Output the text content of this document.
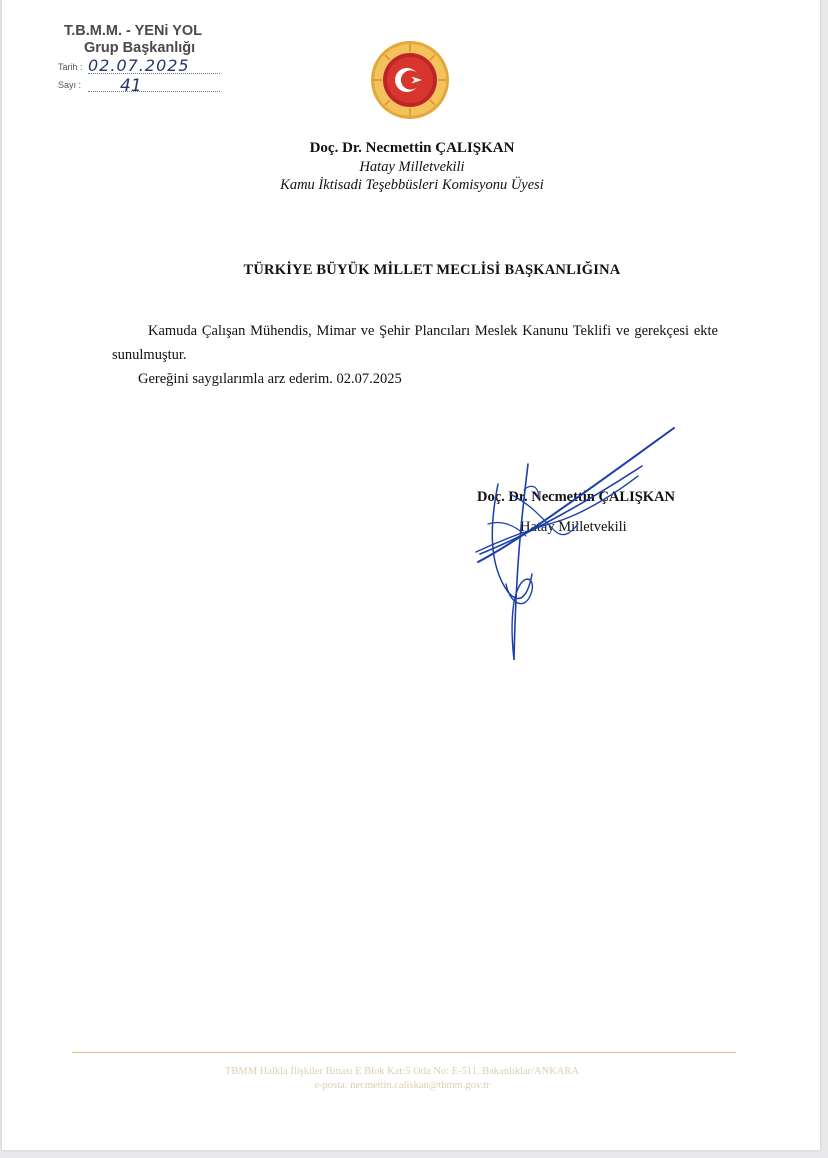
T.B.M.M. - YENi YOL
Grup Başkanlığı
Tarih : 02.07.2025
Sayı : 41
Doç. Dr. Necmettin ÇALIŞKAN
Hatay Milletvekili
Kamu İktisadi Teşebbüsleri Komisyonu Üyesi
TÜRKİYE BÜYÜK MİLLET MECLİSİ BAŞKANLIĞINA

Kamuda Çalışan Mühendis, Mimar ve Şehir Plancıları Meslek Kanunu Teklifi ve gerekçesi ekte sunulmuştur.

Gereğini saygılarımla arz ederim. 02.07.2025

Doç. Dr. Necmettin ÇALIŞKAN
Hatay Milletvekili
TBMM Halkla İlişkiler Binası E Blok Kat:5 Oda No: E-511, Bakanlıklar/ANKARA
e-posta: necmettin.caliskan@tbmm.gov.tr
